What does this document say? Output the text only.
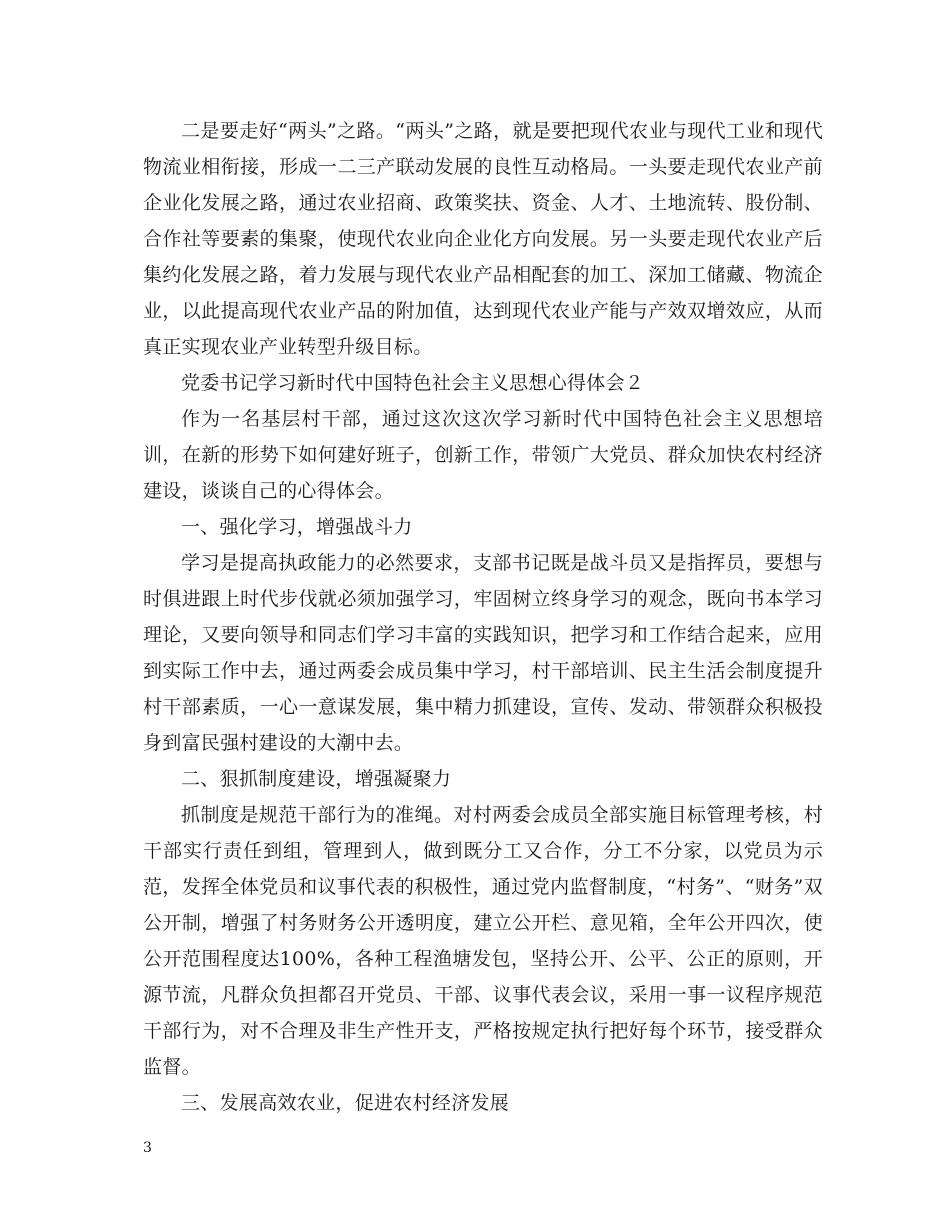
二是要走好“两头”之路。“两头”之路，就是要把现代农业与现代工业和现代物流业相衔接，形成一二三产联动发展的良性互动格局。一头要走现代农业产前企业化发展之路，通过农业招商、政策奖扶、资金、人才、土地流转、股份制、合作社等要素的集聚，使现代农业向企业化方向发展。另一头要走现代农业产后集约化发展之路，着力发展与现代农业产品相配套的加工、深加工储藏、物流企业，以此提高现代农业产品的附加值，达到现代农业产能与产效双增效应，从而真正实现农业产业转型升级目标。

党委书记学习新时代中国特色社会主义思想心得体会２

作为一名基层村干部，通过这次这次学习新时代中国特色社会主义思想培训，在新的形势下如何建好班子，创新工作，带领广大党员、群众加快农村经济建设，谈谈自己的心得体会。

一、强化学习，增强战斗力

学习是提高执政能力的必然要求，支部书记既是战斗员又是指挥员，要想与时俱进跟上时代步伐就必须加强学习，牢固树立终身学习的观念，既向书本学习理论，又要向领导和同志们学习丰富的实践知识，把学习和工作结合起来，应用到实际工作中去，通过两委会成员集中学习，村干部培训、民主生活会制度提升村干部素质，一心一意谋发展，集中精力抓建设，宣传、发动、带领群众积极投身到富民强村建设的大潮中去。

二、狠抓制度建设，增强凝聚力

抓制度是规范干部行为的准绳。对村两委会成员全部实施目标管理考核，村干部实行责任到组，管理到人，做到既分工又合作，分工不分家，以党员为示范，发挥全体党员和议事代表的积极性，通过党内监督制度，“村务”、“财务”双公开制，增强了村务财务公开透明度，建立公开栏、意见箱，全年公开四次，使公开范围程度达100%，各种工程渔塘发包，坚持公开、公平、公正的原则，开源节流，凡群众负担都召开党员、干部、议事代表会议，采用一事一议程序规范干部行为，对不合理及非生产性开支，严格按规定执行把好每个环节，接受群众监督。

三、发展高效农业，促进农村经济发展

3
